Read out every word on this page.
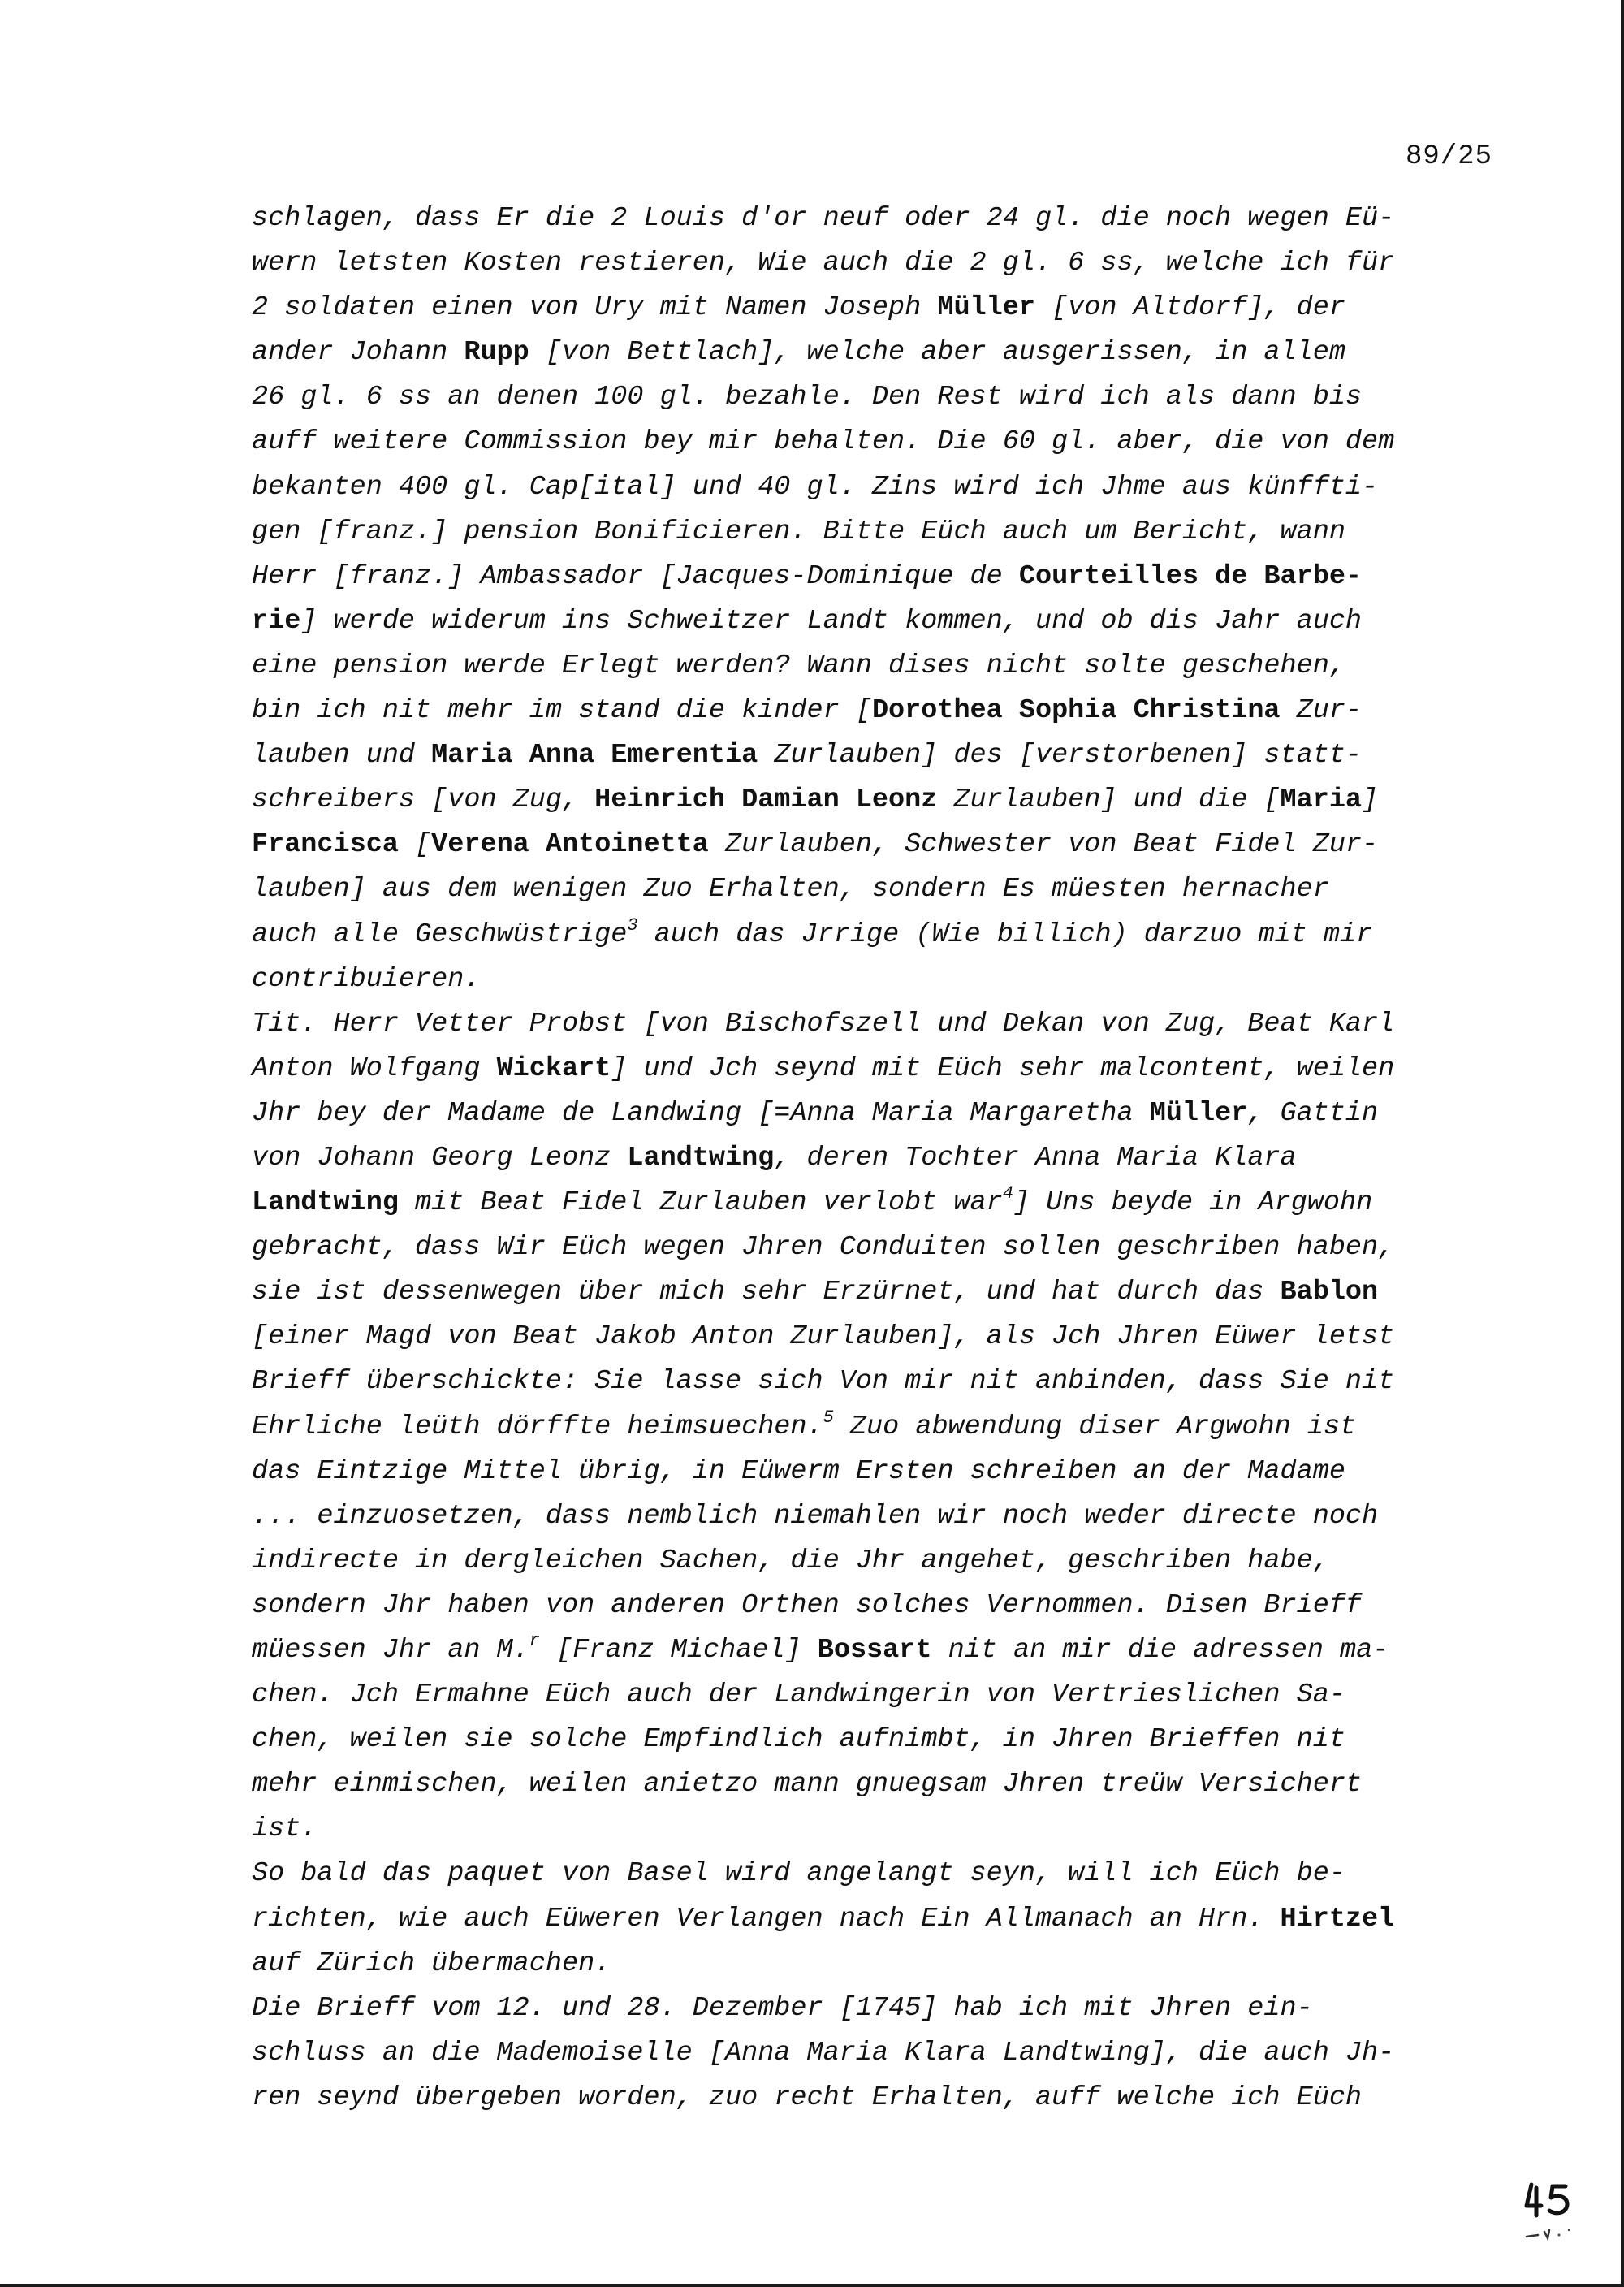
89/25
schlagen, dass Er die 2 Louis d'or neuf oder 24 gl. die noch wegen Eü-
wern letsten Kosten restieren, Wie auch die 2 gl. 6 ss, welche ich für
2 soldaten einen von Ury mit Namen Joseph Müller [von Altdorf], der
ander Johann Rupp [von Bettlach], welche aber ausgerissen, in allem
26 gl. 6 ss an denen 100 gl. bezahle. Den Rest wird ich als dann bis
auff weitere Commission bey mir behalten. Die 60 gl. aber, die von dem
bekanten 400 gl. Cap[ital] und 40 gl. Zins wird ich Jhme aus künffti-
gen [franz.] pension Bonificieren. Bitte Eüch auch um Bericht, wann
Herr [franz.] Ambassador [Jacques-Dominique de Courteilles de Barbe-
rie] werde widerum ins Schweitzer Landt kommen, und ob dis Jahr auch
eine pension werde Erlegt werden? Wann dises nicht solte geschehen,
bin ich nit mehr im stand die kinder [Dorothea Sophia Christina Zur-
lauben und Maria Anna Emerentia Zurlauben] des [verstorbenen] statt-
schreibers [von Zug, Heinrich Damian Leonz Zurlauben] und die [Maria]
Francisca [Verena Antoinetta Zurlauben, Schwester von Beat Fidel Zur-
lauben] aus dem wenigen Zuo Erhalten, sondern Es müesten hernacher
auch alle Geschwüstrige$^3$ auch das Jrrige (Wie billich) darzuo mit mir
contribuieren.
Tit. Herr Vetter Probst [von Bischofszell und Dekan von Zug, Beat Karl
Anton Wolfgang Wickart] und Jch seynd mit Eüch sehr malcontent, weilen
Jhr bey der Madame de Landwing [=Anna Maria Margaretha Müller, Gattin
von Johann Georg Leonz Landtwing, deren Tochter Anna Maria Klara
Landtwing mit Beat Fidel Zurlauben verlobt war$^4$] Uns beyde in Argwohn
gebracht, dass Wir Eüch wegen Jhren Conduiten sollen geschriben haben,
sie ist dessenwegen über mich sehr Erzürnet, und hat durch das Bablon
[einer Magd von Beat Jakob Anton Zurlauben], als Jch Jhren Eüwer letst
Brieff überschickte: Sie lasse sich Von mir nit anbinden, dass Sie nit
Ehrliche leüth dörffte heimsuechen.$^5$ Zuo abwendung diser Argwohn ist
das Eintzige Mittel übrig, in Eüwerm Ersten schreiben an der Madame
... einzuosetzen, dass nemblich niemahlen wir noch weder directe noch
indirecte in dergleichen Sachen, die Jhr angehet, geschriben habe,
sondern Jhr haben von anderen Orthen solches Vernommen. Disen Brieff
müessen Jhr an M.$^r$ [Franz Michael] Bossart nit an mir die adressen ma-
chen. Jch Ermahne Eüch auch der Landwingerin von Vertrieslichen Sa-
chen, weilen sie solche Empfindlich aufnimbt, in Jhren Brieffen nit
mehr einmischen, weilen anietzo mann gnuegsam Jhren treüw Versichert
ist.
So bald das paquet von Basel wird angelangt seyn, will ich Eüch be-
richten, wie auch Eüweren Verlangen nach Ein Allmanach an Hrn. Hirtzel
auf Zürich übermachen.
Die Brieff vom 12. und 28. Dezember [1745] hab ich mit Jhren ein-
schluss an die Mademoiselle [Anna Maria Klara Landtwing], die auch Jh-
ren seynd übergeben worden, zuo recht Erhalten, auff welche ich Eüch
